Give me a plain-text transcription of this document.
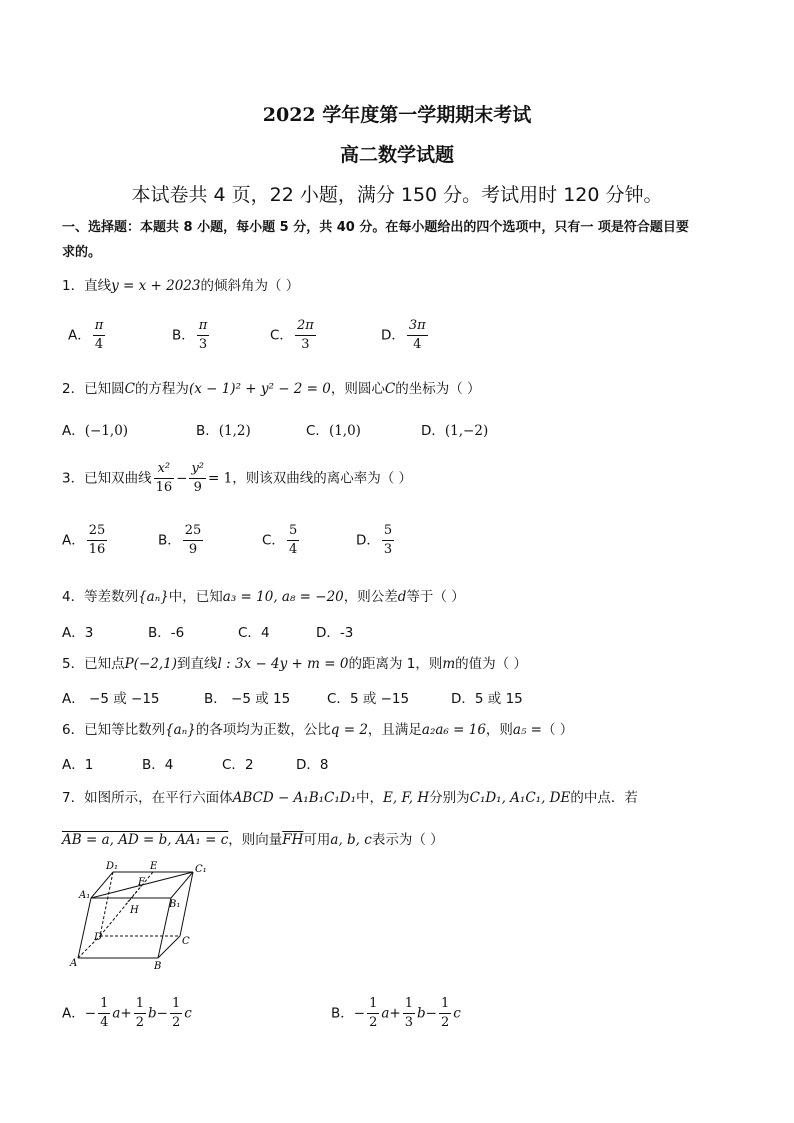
2022 学年度第一学期期末考试
高二数学试题
本试卷共 4 页，22 小题，满分 150 分。考试用时 120 分钟。
一、选择题：本题共 8 小题，每小题 5 分，共 40 分。在每小题给出的四个选项中，只有一 项是符合题目要
求的。
1．直线y = x + 2023的倾斜角为（ ）
A． $\frac{\pi}{4}$	B． $\frac{\pi}{3}$	C． $\frac{2\pi}{3}$	D． $\frac{3\pi}{4}$
2．已知圆C的方程为(x − 1)² + y² − 2 = 0，则圆心C的坐标为（ ）
A．(−1,0)	B．(1,2)	C．(1,0)	D．(1,−2)
3．已知双曲线 $\frac{\text{x²}}{16} - \frac{\text{y²}}{9} = 1$，则该双曲线的离心率为（ ）
A． $\frac{25}{16}$	B． $\frac{25}{9}$	C． $\frac{5}{4}$	D． $\frac{5}{3}$
4．等差数列{aₙ}中，已知a₃ = 10, a₈ = −20，则公差d等于（ ）
A．3	B．-6	C．4	D．-3
5．已知点P(−2,1)到直线l : 3x − 4y + m = 0的距离为 1，则m的值为（ ）
A． −5 或 −15	B． −5 或 15	C．5 或 −15	D．5 或 15
6．已知等比数列{aₙ}的各项均为正数，公比q = 2，且满足a₂a₆ = 16，则a₅ =（ ）
A．1	B．4	C．2	D．8
7．如图所示，在平行六面体ABCD − A₁B₁C₁D₁中，E, F, H分别为C₁D₁, A₁C₁, DE的中点．若
AB = a, AD = b, AA₁ = c，则向量$\overline{FH}$可用a, b, c表示为（ ）
D₁	E	C₁
A₁
F
B₁
H
D	C
A	B
A．− $\frac{1}{4} a+ \frac{1}{2} b- \frac{1}{2}$ c	B．− $\frac{1}{2} a+ \frac{1}{3} b- \frac{1}{2}$ c
